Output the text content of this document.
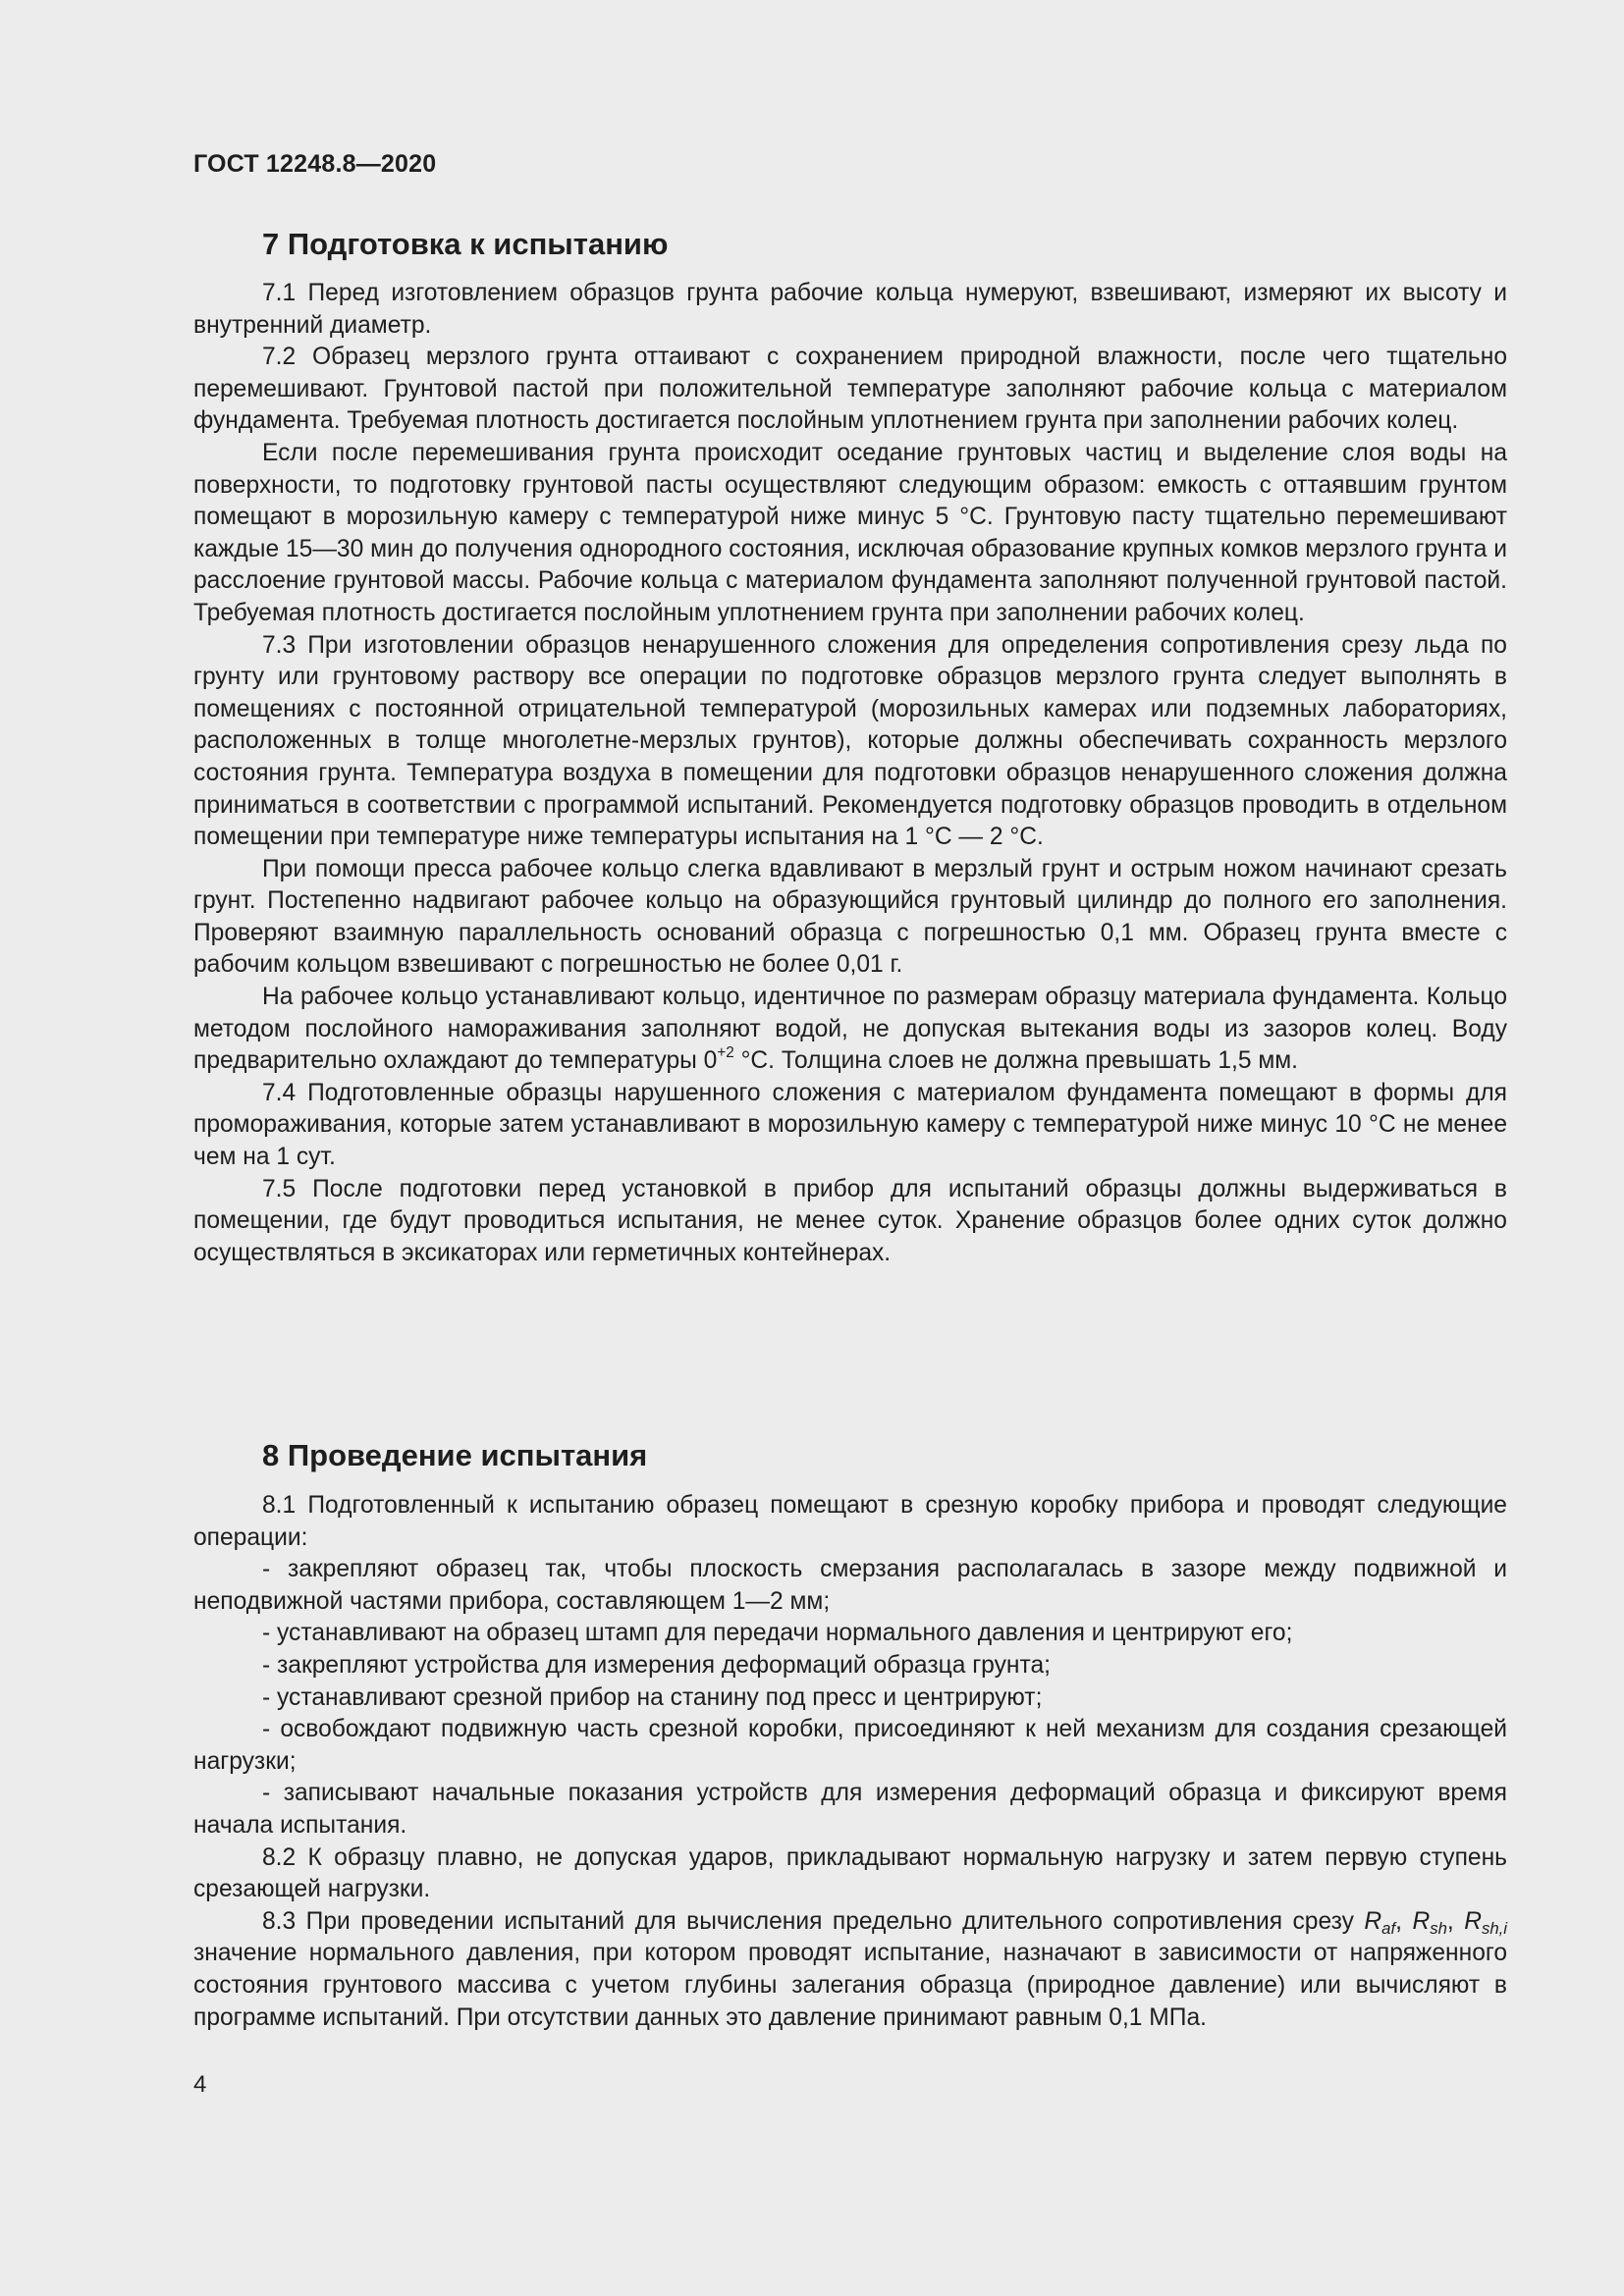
ГОСТ 12248.8—2020
7 Подготовка к испытанию

7.1 Перед изготовлением образцов грунта рабочие кольца нумеруют, взвешивают, измеряют их высоту и внутренний диаметр.

7.2 Образец мерзлого грунта оттаивают с сохранением природной влажности, после чего тщательно перемешивают. Грунтовой пастой при положительной температуре заполняют рабочие кольца с материалом фундамента. Требуемая плотность достигается послойным уплотнением грунта при заполнении рабочих колец.

Если после перемешивания грунта происходит оседание грунтовых частиц и выделение слоя воды на поверхности, то подготовку грунтовой пасты осуществляют следующим образом: емкость с оттаявшим грунтом помещают в морозильную камеру с температурой ниже минус 5 °С. Грунтовую пасту тщательно перемешивают каждые 15—30 мин до получения однородного состояния, исключая образование крупных комков мерзлого грунта и расслоение грунтовой массы. Рабочие кольца с материалом фундамента заполняют полученной грунтовой пастой. Требуемая плотность достигается послойным уплотнением грунта при заполнении рабочих колец.

7.3 При изготовлении образцов ненарушенного сложения для определения сопротивления срезу льда по грунту или грунтовому раствору все операции по подготовке образцов мерзлого грунта следует выполнять в помещениях с постоянной отрицательной температурой (морозильных камерах или подземных лабораториях, расположенных в толще многолетне-мерзлых грунтов), которые должны обеспечивать сохранность мерзлого состояния грунта. Температура воздуха в помещении для подготовки образцов ненарушенного сложения должна приниматься в соответствии с программой испытаний. Рекомендуется подготовку образцов проводить в отдельном помещении при температуре ниже температуры испытания на 1 °С — 2 °С.

При помощи пресса рабочее кольцо слегка вдавливают в мерзлый грунт и острым ножом начинают срезать грунт. Постепенно надвигают рабочее кольцо на образующийся грунтовый цилиндр до полного его заполнения. Проверяют взаимную параллельность оснований образца с погрешностью 0,1 мм. Образец грунта вместе с рабочим кольцом взвешивают с погрешностью не более 0,01 г.

На рабочее кольцо устанавливают кольцо, идентичное по размерам образцу материала фундамента. Кольцо методом послойного намораживания заполняют водой, не допуская вытекания воды из зазоров колец. Воду предварительно охлаждают до температуры $0^{+2}$ °С. Толщина слоев не должна превышать 1,5 мм.

7.4 Подготовленные образцы нарушенного сложения с материалом фундамента помещают в формы для промораживания, которые затем устанавливают в морозильную камеру с температурой ниже минус 10 °С не менее чем на 1 сут.

7.5 После подготовки перед установкой в прибор для испытаний образцы должны выдерживаться в помещении, где будут проводиться испытания, не менее суток. Хранение образцов более одних суток должно осуществляться в эксикаторах или герметичных контейнерах.

8 Проведение испытания

8.1 Подготовленный к испытанию образец помещают в срезную коробку прибора и проводят следующие операции:

- закрепляют образец так, чтобы плоскость смерзания располагалась в зазоре между подвижной и неподвижной частями прибора, составляющем 1—2 мм;

- устанавливают на образец штамп для передачи нормального давления и центрируют его;

- закрепляют устройства для измерения деформаций образца грунта;

- устанавливают срезной прибор на станину под пресс и центрируют;

- освобождают подвижную часть срезной коробки, присоединяют к ней механизм для создания срезающей нагрузки;

- записывают начальные показания устройств для измерения деформаций образца и фиксируют время начала испытания.

8.2 К образцу плавно, не допуская ударов, прикладывают нормальную нагрузку и затем первую ступень срезающей нагрузки.

8.3 При проведении испытаний для вычисления предельно длительного сопротивления срезу $R_{af}$, $R_{sh}$, $R_{sh,i}$ значение нормального давления, при котором проводят испытание, назначают в зависимости от напряженного состояния грунтового массива с учетом глубины залегания образца (природное давление) или вычисляют в программе испытаний. При отсутствии данных это давление принимают равным 0,1 МПа.

4
